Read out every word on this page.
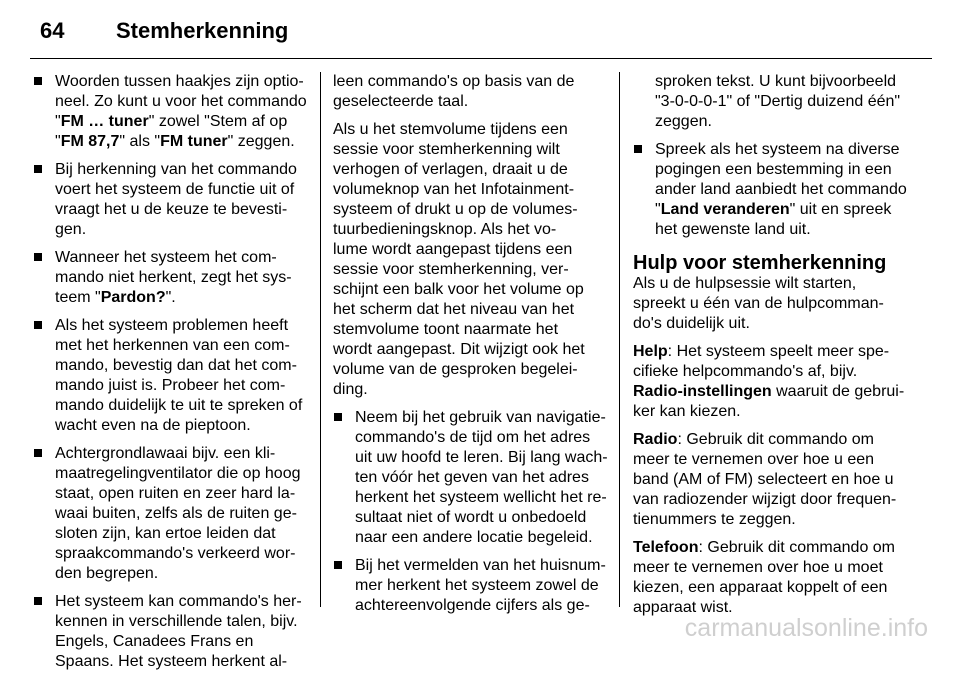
64 Stemherkenning
Woorden tussen haakjes zijn optio-
neel. Zo kunt u voor het commando
"FM … tuner" zowel "Stem af op
"FM 87,7" als "FM tuner" zeggen.
Bij herkenning van het commando
voert het systeem de functie uit of
vraagt het u de keuze te bevesti-
gen.
Wanneer het systeem het com-
mando niet herkent, zegt het sys-
teem "Pardon?".
Als het systeem problemen heeft
met het herkennen van een com-
mando, bevestig dan dat het com-
mando juist is. Probeer het com-
mando duidelijk te uit te spreken of
wacht even na de pieptoon.
Achtergrondlawaai bijv. een kli-
maatregelingventilator die op hoog
staat, open ruiten en zeer hard la-
waai buiten, zelfs als de ruiten ge-
sloten zijn, kan ertoe leiden dat
spraakcommando's verkeerd wor-
den begrepen.
Het systeem kan commando's her-
kennen in verschillende talen, bijv.
Engels, Canadees Frans en
Spaans. Het systeem herkent al-
leen commando's op basis van de
geselecteerde taal.
Als u het stemvolume tijdens een
sessie voor stemherkenning wilt
verhogen of verlagen, draait u de
volumeknop van het Infotainment-
systeem of drukt u op de volumes-
tuurbedieningsknop. Als het vo-
lume wordt aangepast tijdens een
sessie voor stemherkenning, ver-
schijnt een balk voor het volume op
het scherm dat het niveau van het
stemvolume toont naarmate het
wordt aangepast. Dit wijzigt ook het
volume van de gesproken begelei-
ding.
Neem bij het gebruik van navigatie-
commando's de tijd om het adres
uit uw hoofd te leren. Bij lang wach-
ten vóór het geven van het adres
herkent het systeem wellicht het re-
sultaat niet of wordt u onbedoeld
naar een andere locatie begeleid.
Bij het vermelden van het huisnum-
mer herkent het systeem zowel de
achtereenvolgende cijfers als ge-
sproken tekst. U kunt bijvoorbeeld
"3-0-0-0-1" of "Dertig duizend één"
zeggen.
Spreek als het systeem na diverse
pogingen een bestemming in een
ander land aanbiedt het commando
"Land veranderen" uit en spreek
het gewenste land uit.
Hulp voor stemherkenning
Als u de hulpsessie wilt starten,
spreekt u één van de hulpcomman-
do's duidelijk uit.
Help: Het systeem speelt meer spe-
cifieke helpcommando's af, bijv.
Radio-instellingen waaruit de gebrui-
ker kan kiezen.
Radio: Gebruik dit commando om
meer te vernemen over hoe u een
band (AM of FM) selecteert en hoe u
van radiozender wijzigt door frequen-
tienummers te zeggen.
Telefoon: Gebruik dit commando om
meer te vernemen over hoe u moet
kiezen, een apparaat koppelt of een
apparaat wist.
carmanualsonline.info
